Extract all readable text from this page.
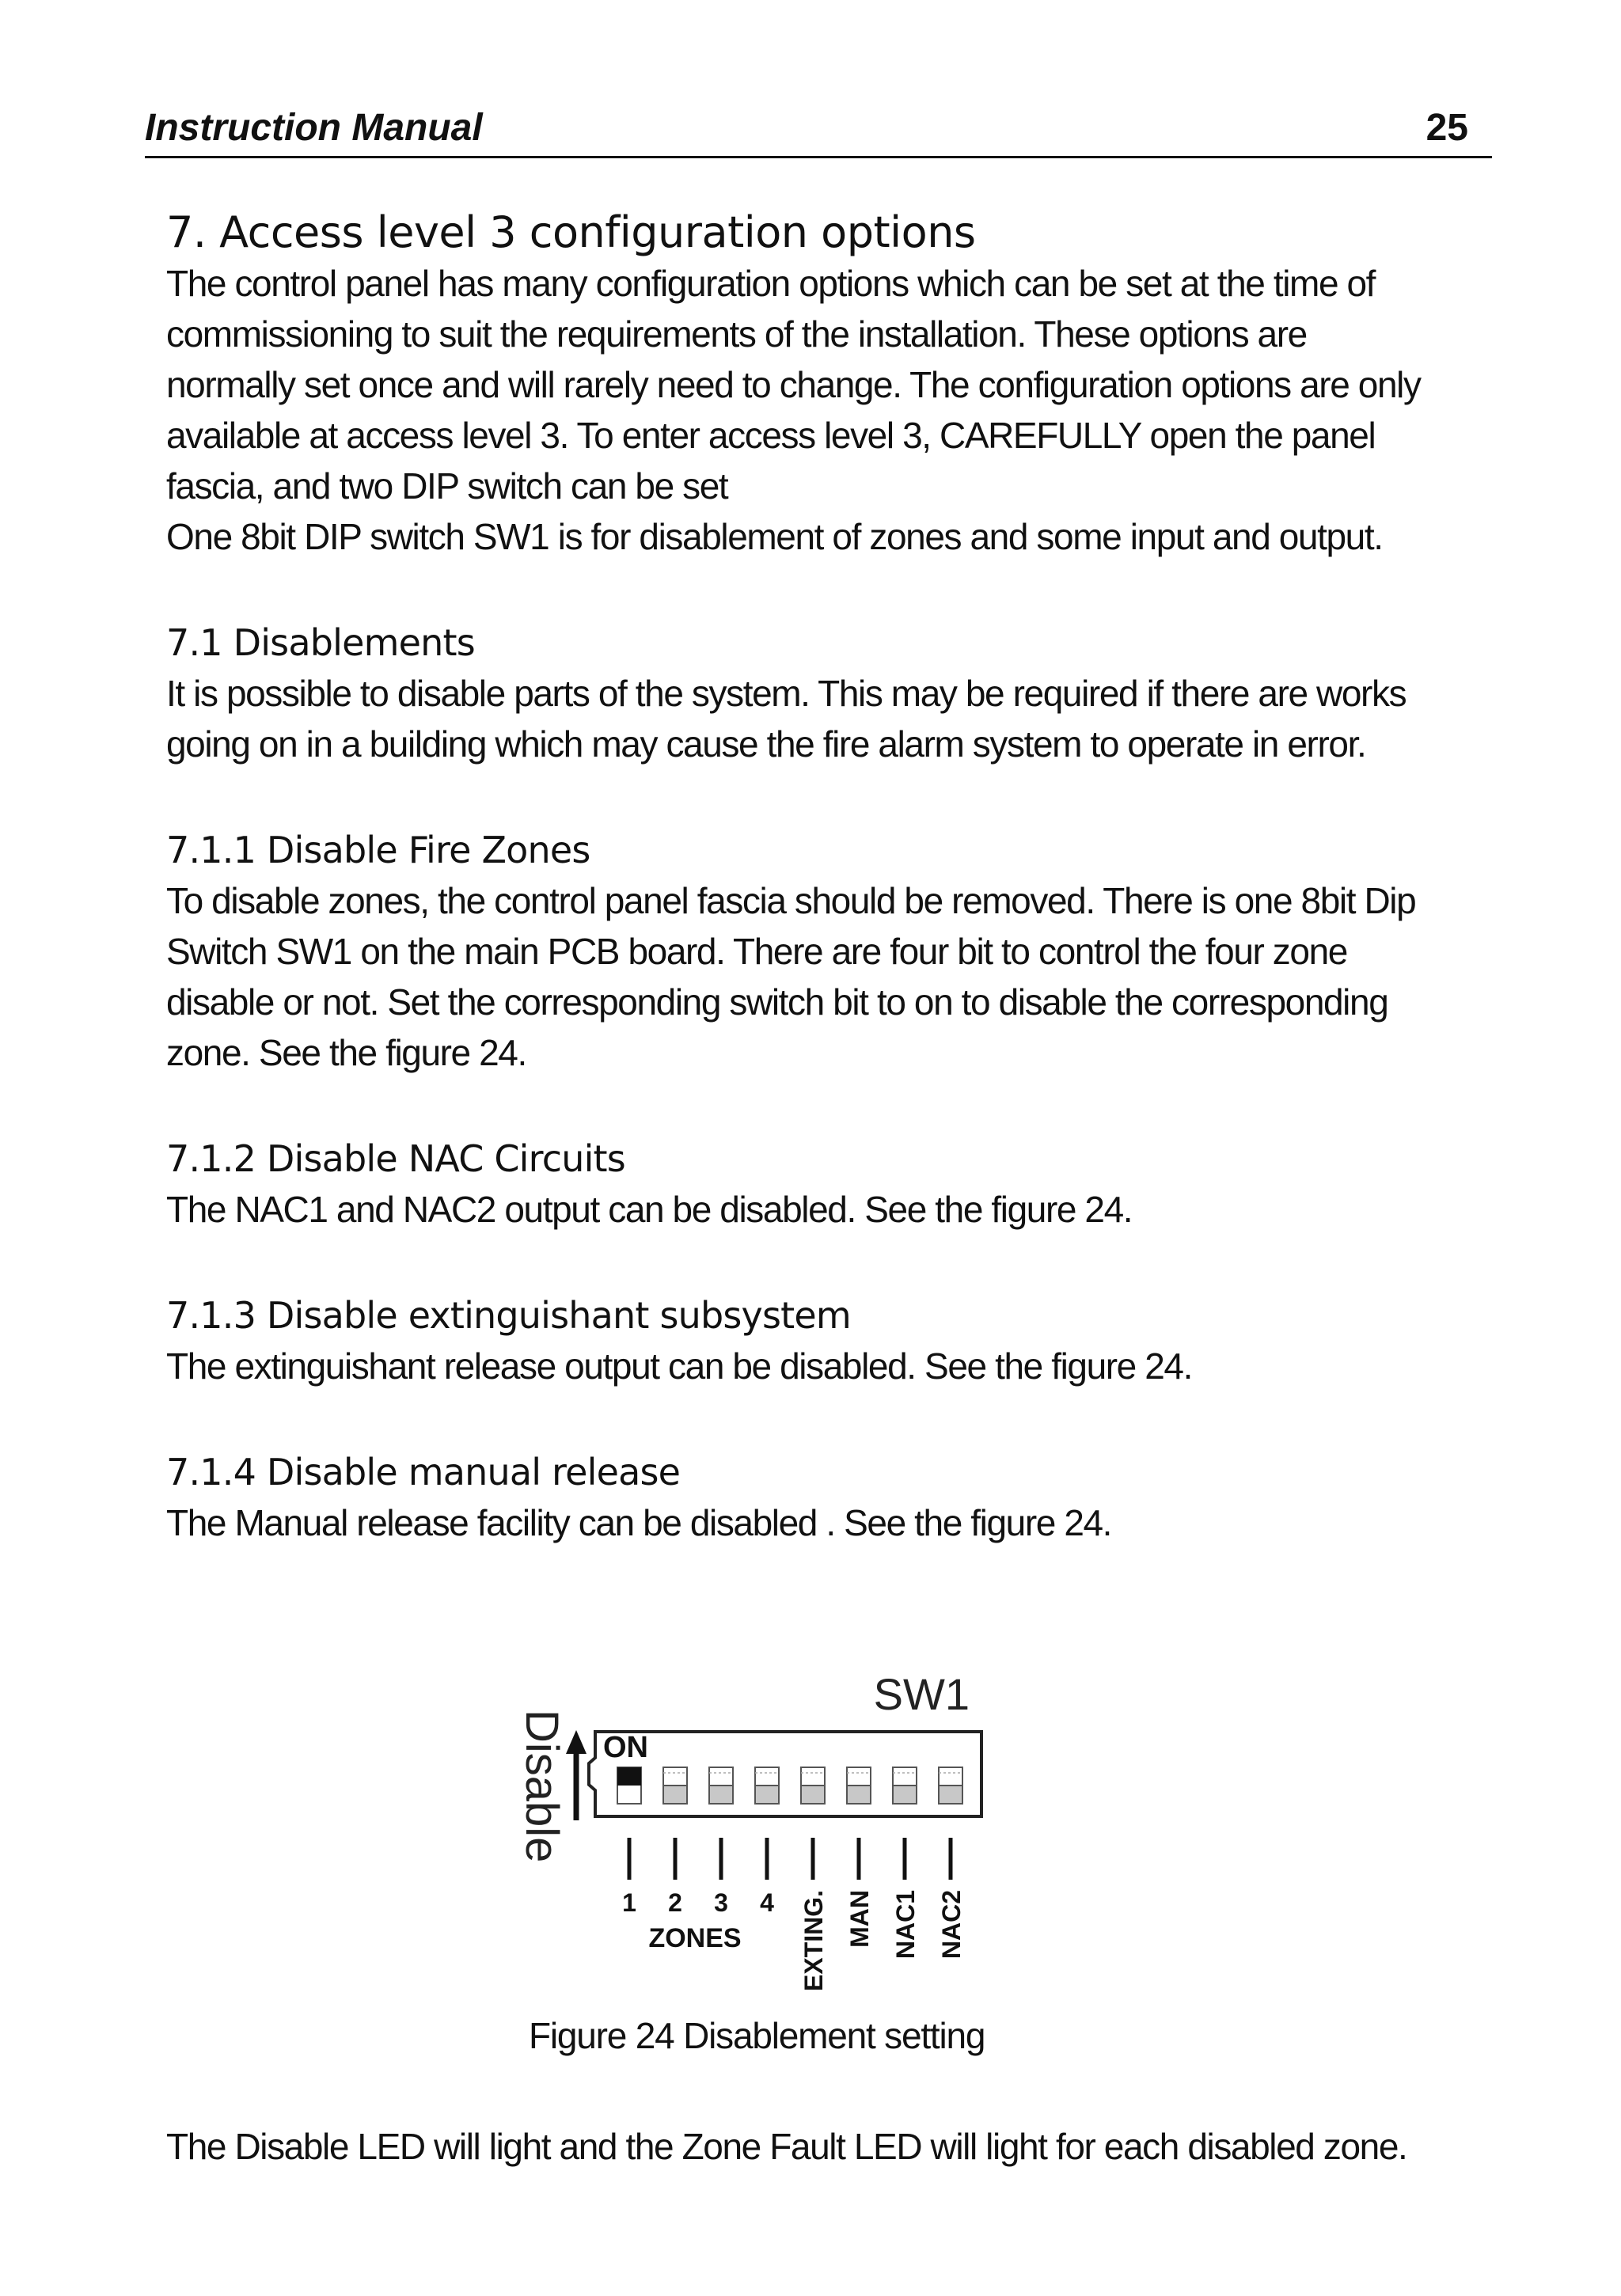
Instruction Manual	25
7. Access level 3 configuration options

The control panel has many configuration options which can be set at the time of

commissioning to suit the requirements of the installation. These options are

normally set once and will rarely need to change. The configuration options are only

available at access level 3. To enter access level 3, CAREFULLY open the panel

fascia, and two DIP switch can be set

One 8bit DIP switch SW1 is for disablement of zones and some input and output.

7.1 Disablements

It is possible to disable parts of the system. This may be required if there are works

going on in a building which may cause the fire alarm system to operate in error.

7.1.1 Disable Fire Zones

To disable zones, the control panel fascia should be removed. There is one 8bit Dip

Switch SW1 on the main PCB board. There are four bit to control the four zone

disable or not. Set the corresponding switch bit to on to disable the corresponding

zone. See the figure 24.

7.1.2 Disable NAC Circuits

The NAC1 and NAC2 output can be disabled. See the figure 24.

7.1.3 Disable extinguishant subsystem

The extinguishant release output can be disabled. See the figure 24.

7.1.4 Disable manual release

The Manual release facility can be disabled . See the figure 24.

SW1
ON
Disable
1 2 3 4
ZONES EXTING. MAN NAC1 NAC2
Figure 24 Disablement setting
The Disable LED will light and the Zone Fault LED will light for each disabled zone.
